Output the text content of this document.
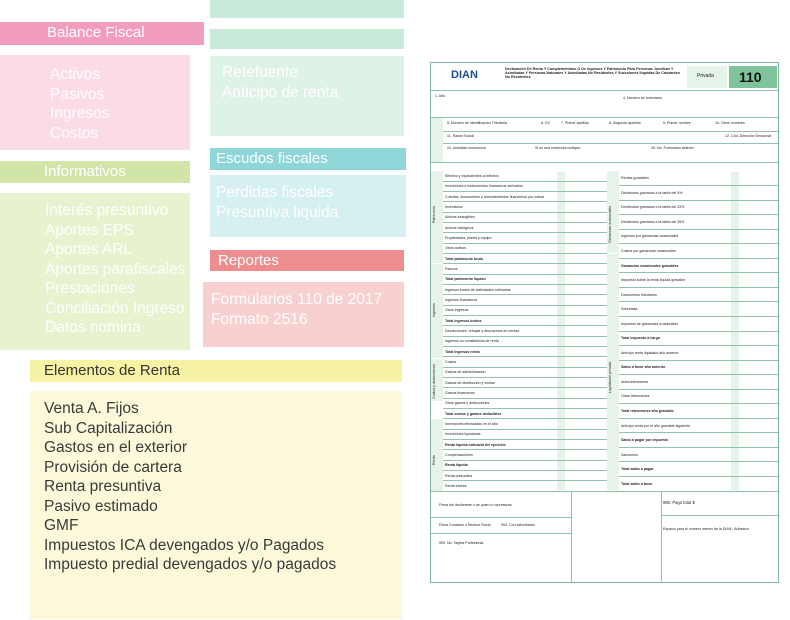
Balance Fiscal
Activos
Pasivos
Ingresos
Costos
Informativos
Interés presuntivo
Aportes EPS
Aportes ARL
Aportes parafiscales
Prestaciones
Conciliación Ingreso
Datos nomina
Elementos de Renta
Venta A. Fijos
Sub Capitalización
Gastos en el exterior
Provisión de cartera
Renta presuntiva
Pasivo estimado
GMF
Impuestos ICA devengados y/o Pagados
Impuesto predial devengados y/o pagados
Retefuente
Anticipo de renta
Escudos fiscales
Perdidas fiscales
Presuntiva liquida
Reportes
Formularios 110 de 2017
Formato 2516
DIAN	Declaración De Renta Y Complementario O De Ingresos Y Patrimonio Para Personas Jurídicas Y Asimiladas Y Personas Naturales Y Asimiladas No Residentes Y Sucesiones Ilíquidas De Causantes No Residentes	Privada 110
1. Año	4. Número de formulario
5. Número de Identificación Tributaria	6. DV	7. Primer apellido	8. Segundo apellido	9. Primer nombre	10. Otros nombres
11. Razón Social	12. Cód. Dirección Seccional
24. Actividad económica	Si es una corrección indique:	26. No. Formulario anterior
Patrimonio
Ingresos
Costos y deducciones
Renta
Ganancias ocasionales
Liquidación privada
Efectivo y equivalentes al efectivo
Inversiones e instrumentos financieros derivados
Cuentas, documentos y arrendamientos financieros por cobrar
Inventarios
Activos intangibles
Activos biológicos
Propiedades, planta y equipo
Otros activos
Total patrimonio bruto
Pasivos
Total patrimonio líquido
Ingresos brutos de actividades ordinarias
Ingresos financieros
Otros ingresos
Total ingresos brutos
Devoluciones, rebajas y descuentos en ventas
Ingresos no constitutivos de renta
Total ingresos netos
Costos
Gastos de administración
Gastos de distribución y ventas
Gastos financieros
Otros gastos y deducciones
Total costos y gastos deducibles
Inversiones efectuadas en el año
Inversiones liquidadas
Renta líquida ordinaria del ejercicio
Compensaciones
Renta líquida
Renta presuntiva
Renta exenta
Rentas gravables
Dividendos gravados a la tarifa del 5%
Dividendos gravados a la tarifa del 33%
Dividendos gravados a la tarifa del 35%
Ingresos por ganancias ocasionales
Costos por ganancias ocasionales
Ganancias ocasionales gravables
Impuesto sobre la renta líquida gravable
Descuentos tributarios
Sobretasa
Impuesto de ganancias ocasionales
Total impuesto a cargo
Anticipo renta liquidado año anterior
Saldo a favor año anterior
Autorretenciones
Otras retenciones
Total retenciones año gravable
Anticipo renta por el año gravable siguiente
Saldo a pagar por impuesto
Sanciones
Total saldo a pagar
Total saldo a favor
Firma del declarante o de quien lo representa
Firma Contador o Revisor Fiscal	994. Con salvedades
993. No. Tarjeta Profesional
980. Pago total $
Espacio para el número interno de la DIAN / Adhesivo
